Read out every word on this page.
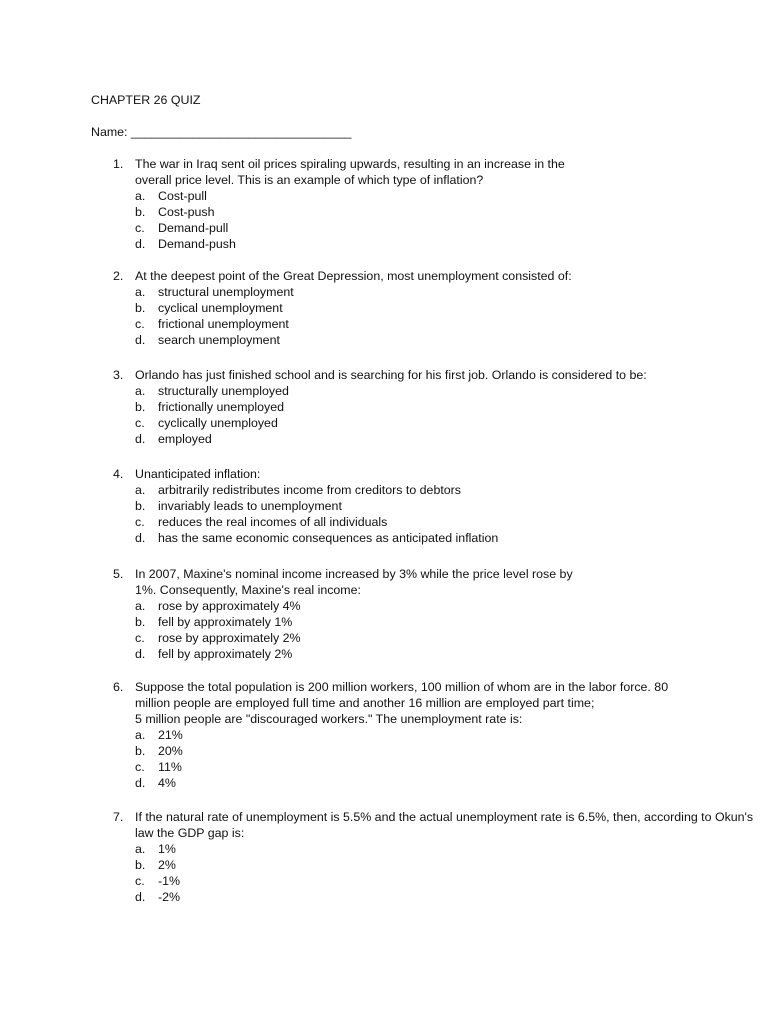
CHAPTER 26 QUIZ
Name: ________________________________
1. The war in Iraq sent oil prices spiraling upwards, resulting in an increase in the
overall price level. This is an example of which type of inflation?
a. Cost-pull
b. Cost-push
c. Demand-pull
d. Demand-push
2. At the deepest point of the Great Depression, most unemployment consisted of:
a. structural unemployment
b. cyclical unemployment
c. frictional unemployment
d. search unemployment
3. Orlando has just finished school and is searching for his first job. Orlando is considered to be:
a. structurally unemployed
b. frictionally unemployed
c. cyclically unemployed
d. employed
4. Unanticipated inflation:
a. arbitrarily redistributes income from creditors to debtors
b. invariably leads to unemployment
c. reduces the real incomes of all individuals
d. has the same economic consequences as anticipated inflation
5. In 2007, Maxine's nominal income increased by 3% while the price level rose by
1%. Consequently, Maxine's real income:
a. rose by approximately 4%
b. fell by approximately 1%
c. rose by approximately 2%
d. fell by approximately 2%
6. Suppose the total population is 200 million workers, 100 million of whom are in the labor force. 80
million people are employed full time and another 16 million are employed part time;
5 million people are "discouraged workers." The unemployment rate is:
a. 21%
b. 20%
c. 11%
d. 4%
7. If the natural rate of unemployment is 5.5% and the actual unemployment rate is 6.5%, then, according to Okun's
law the GDP gap is:
a. 1%
b. 2%
c. -1%
d. -2%
